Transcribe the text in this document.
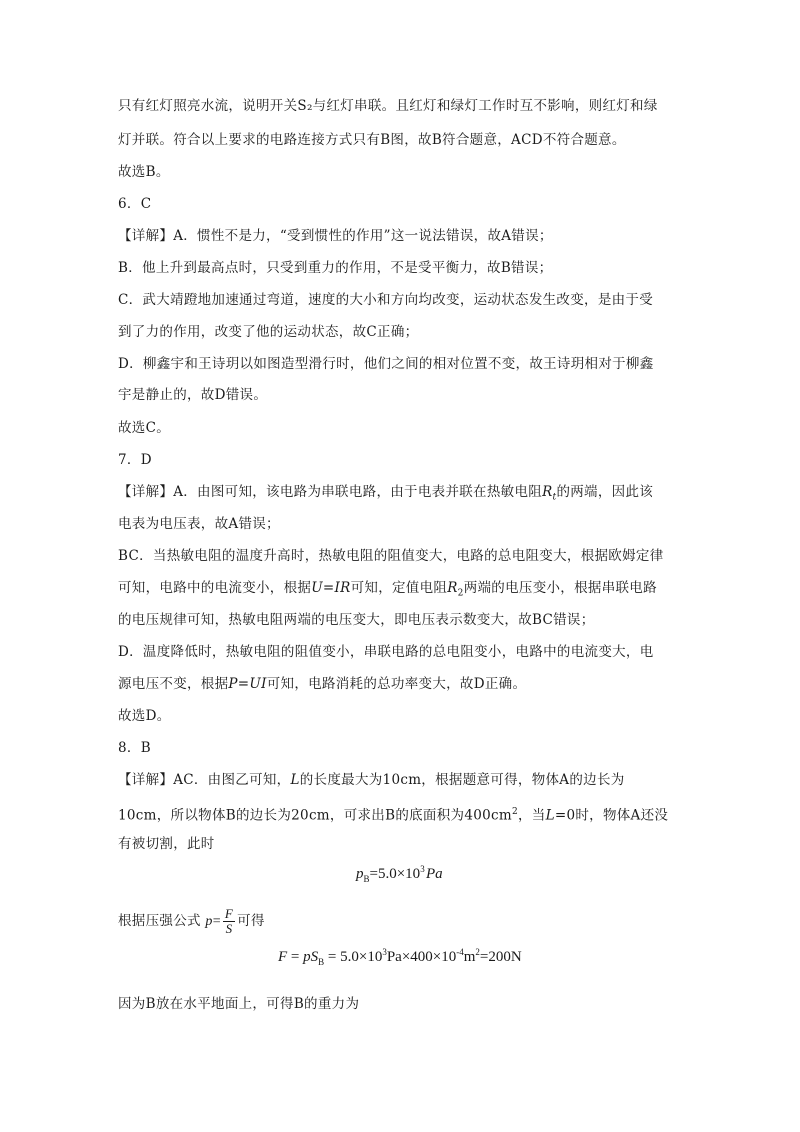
只有红灯照亮水流，说明开关S₂与红灯串联。且红灯和绿灯工作时互不影响，则红灯和绿
灯并联。符合以上要求的电路连接方式只有B图，故B符合题意，ACD不符合题意。
故选B。
6．C
【详解】A．惯性不是力，“受到惯性的作用”这一说法错误，故A错误；
B．他上升到最高点时，只受到重力的作用，不是受平衡力，故B错误；
C．武大靖蹬地加速通过弯道，速度的大小和方向均改变，运动状态发生改变，是由于受
到了力的作用，改变了他的运动状态，故C正确；
D．柳鑫宇和王诗玥以如图造型滑行时，他们之间的相对位置不变，故王诗玥相对于柳鑫
宇是静止的，故D错误。
故选C。
7．D
【详解】A．由图可知，该电路为串联电路，由于电表并联在热敏电阻$R_t$的两端，因此该
电表为电压表，故A错误；
BC．当热敏电阻的温度升高时，热敏电阻的阻值变大，电路的总电阻变大，根据欧姆定律
可知，电路中的电流变小，根据U=IR可知，定值电阻$R_2$两端的电压变小，根据串联电路
的电压规律可知，热敏电阻两端的电压变大，即电压表示数变大，故BC错误；
D．温度降低时，热敏电阻的阻值变小，串联电路的总电阻变小，电路中的电流变大，电
源电压不变，根据P=UI可知，电路消耗的总功率变大，故D正确。
故选D。
8．B
【详解】AC．由图乙可知，L的长度最大为10cm，根据题意可得，物体A的边长为
10cm，所以物体B的边长为20cm，可求出B的底面积为$400cm^2$，当L=0时，物体A还没
有被切割，此时
$p_B=5.0\times 10^3$ Pa
根据压强公式 $p= \frac{F}{S}$ 可得
$F = pS_B = 5.0\times 10^3Pa\times 400\times 10^{-4}m^2=200N$
因为B放在水平地面上，可得B的重力为
